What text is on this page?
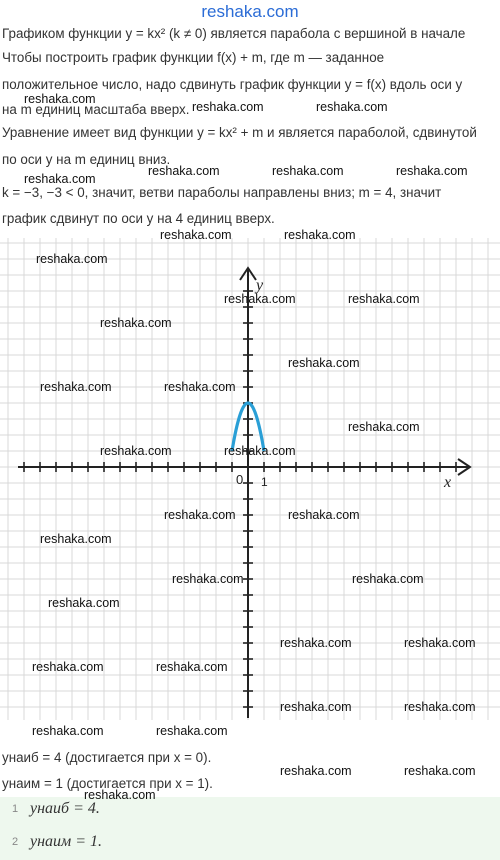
reshaka.com
Графиком функции y = kx² (k ≠ 0) является парабола с вершиной в начале
Чтобы построить график функции f(x) + m, где m — заданное
положительное число, надо сдвинуть график функции y = f(x) вдоль оси y
на m единиц масштаба вверх.
Уравнение имеет вид функции y = kx² + m и является параболой, сдвинутой
по оси y на m единиц вниз.
k = −3, −3 < 0, значит, ветви параболы направлены вниз; m = 4, значит
график сдвинут по оси y на 4 единиц вверх.
y
x
0 1
yнаиб = 4 (достигается при x = 0).
yнаим = 1 (достигается при x = 1).
1 yнаиб = 4.
2 yнаим = 1.
reshaka.com
reshaka.com	reshaka.com
reshaka.com	reshaka.com	reshaka.com
reshaka.com
reshaka.com	reshaka.com
reshaka.com
reshaka.com	reshaka.com
reshaka.com
reshaka.com
reshaka.com	reshaka.com
reshaka.com
reshaka.com	reshaka.com
reshaka.com	reshaka.com
reshaka.com
reshaka.com	reshaka.com
reshaka.com
reshaka.com	reshaka.com
reshaka.com	reshaka.com
reshaka.com	reshaka.com
reshaka.com	reshaka.com
reshaka.com	reshaka.com
reshaka.com
